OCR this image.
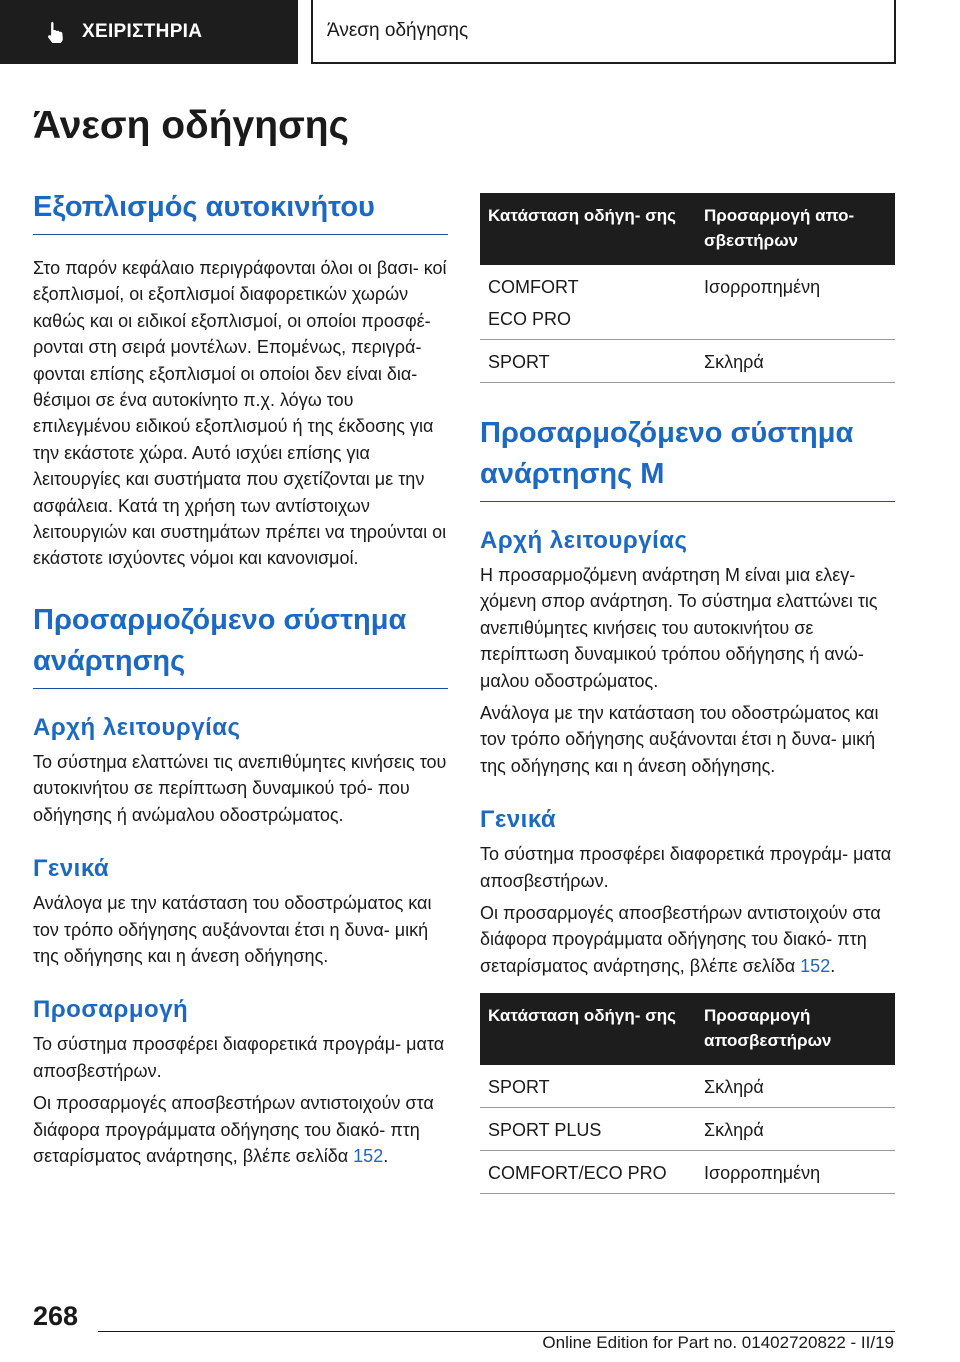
ΧΕΙΡΙΣΤΗΡΙΑ	Άνεση οδήγησης
Άνεση οδήγησης
Εξοπλισμός αυτοκινήτου

Στο παρόν κεφάλαιο περιγράφονται όλοι οι βασι- κοί εξοπλισμοί, οι εξοπλισμοί διαφορετικών χωρών καθώς και οι ειδικοί εξοπλισμοί, οι οποίοι προσφέ- ρονται στη σειρά μοντέλων. Επομένως, περιγρά- φονται επίσης εξοπλισμοί οι οποίοι δεν είναι δια- θέσιμοι σε ένα αυτοκίνητο π.χ. λόγω του επιλεγμένου ειδικού εξοπλισμού ή της έκδοσης για την εκάστοτε χώρα. Αυτό ισχύει επίσης για λειτουργίες και συστήματα που σχετίζονται με την ασφάλεια. Κατά τη χρήση των αντίστοιχων λειτουργιών και συστημάτων πρέπει να τηρούνται οι εκάστοτε ισχύοντες νόμοι και κανονισμοί.

Προσαρμοζόμενο σύστημα ανάρτησης
Αρχή λειτουργίας

Το σύστημα ελαττώνει τις ανεπιθύμητες κινήσεις του αυτοκινήτου σε περίπτωση δυναμικού τρό- που οδήγησης ή ανώμαλου οδοστρώματος.

Γενικά

Ανάλογα με την κατάσταση του οδοστρώματος και τον τρόπο οδήγησης αυξάνονται έτσι η δυνα- μική της οδήγησης και η άνεση οδήγησης.

Προσαρμογή

Το σύστημα προσφέρει διαφορετικά προγράμ- ματα αποσβεστήρων.

Οι προσαρμογές αποσβεστήρων αντιστοιχούν στα διάφορα προγράμματα οδήγησης του διακό- πτη σεταρίσματος ανάρτησης, βλέπε σελίδα 152.

Κατάσταση οδήγη- σης	Προσαρμογή απο- σβεστήρων

COMFORT
ECO PRO	Ισορροπημένη
SPORT	Σκληρά
Προσαρμοζόμενο σύστημα ανάρτησης M
Αρχή λειτουργίας

Η προσαρμοζόμενη ανάρτηση M είναι μια ελεγ- χόμενη σπορ ανάρτηση. Το σύστημα ελαττώνει τις ανεπιθύμητες κινήσεις του αυτοκινήτου σε περίπτωση δυναμικού τρόπου οδήγησης ή ανώ- μαλου οδοστρώματος.

Ανάλογα με την κατάσταση του οδοστρώματος και τον τρόπο οδήγησης αυξάνονται έτσι η δυνα- μική της οδήγησης και η άνεση οδήγησης.

Γενικά

Το σύστημα προσφέρει διαφορετικά προγράμ- ματα αποσβεστήρων.

Οι προσαρμογές αποσβεστήρων αντιστοιχούν στα διάφορα προγράμματα οδήγησης του διακό- πτη σεταρίσματος ανάρτησης, βλέπε σελίδα 152.

Κατάσταση οδήγη- σης	Προσαρμογή αποσβεστήρων
SPORT	Σκληρά
SPORT PLUS	Σκληρά
COMFORT/ECO PRO	Ισορροπημένη
268
Online Edition for Part no. 01402720822 - II/19
